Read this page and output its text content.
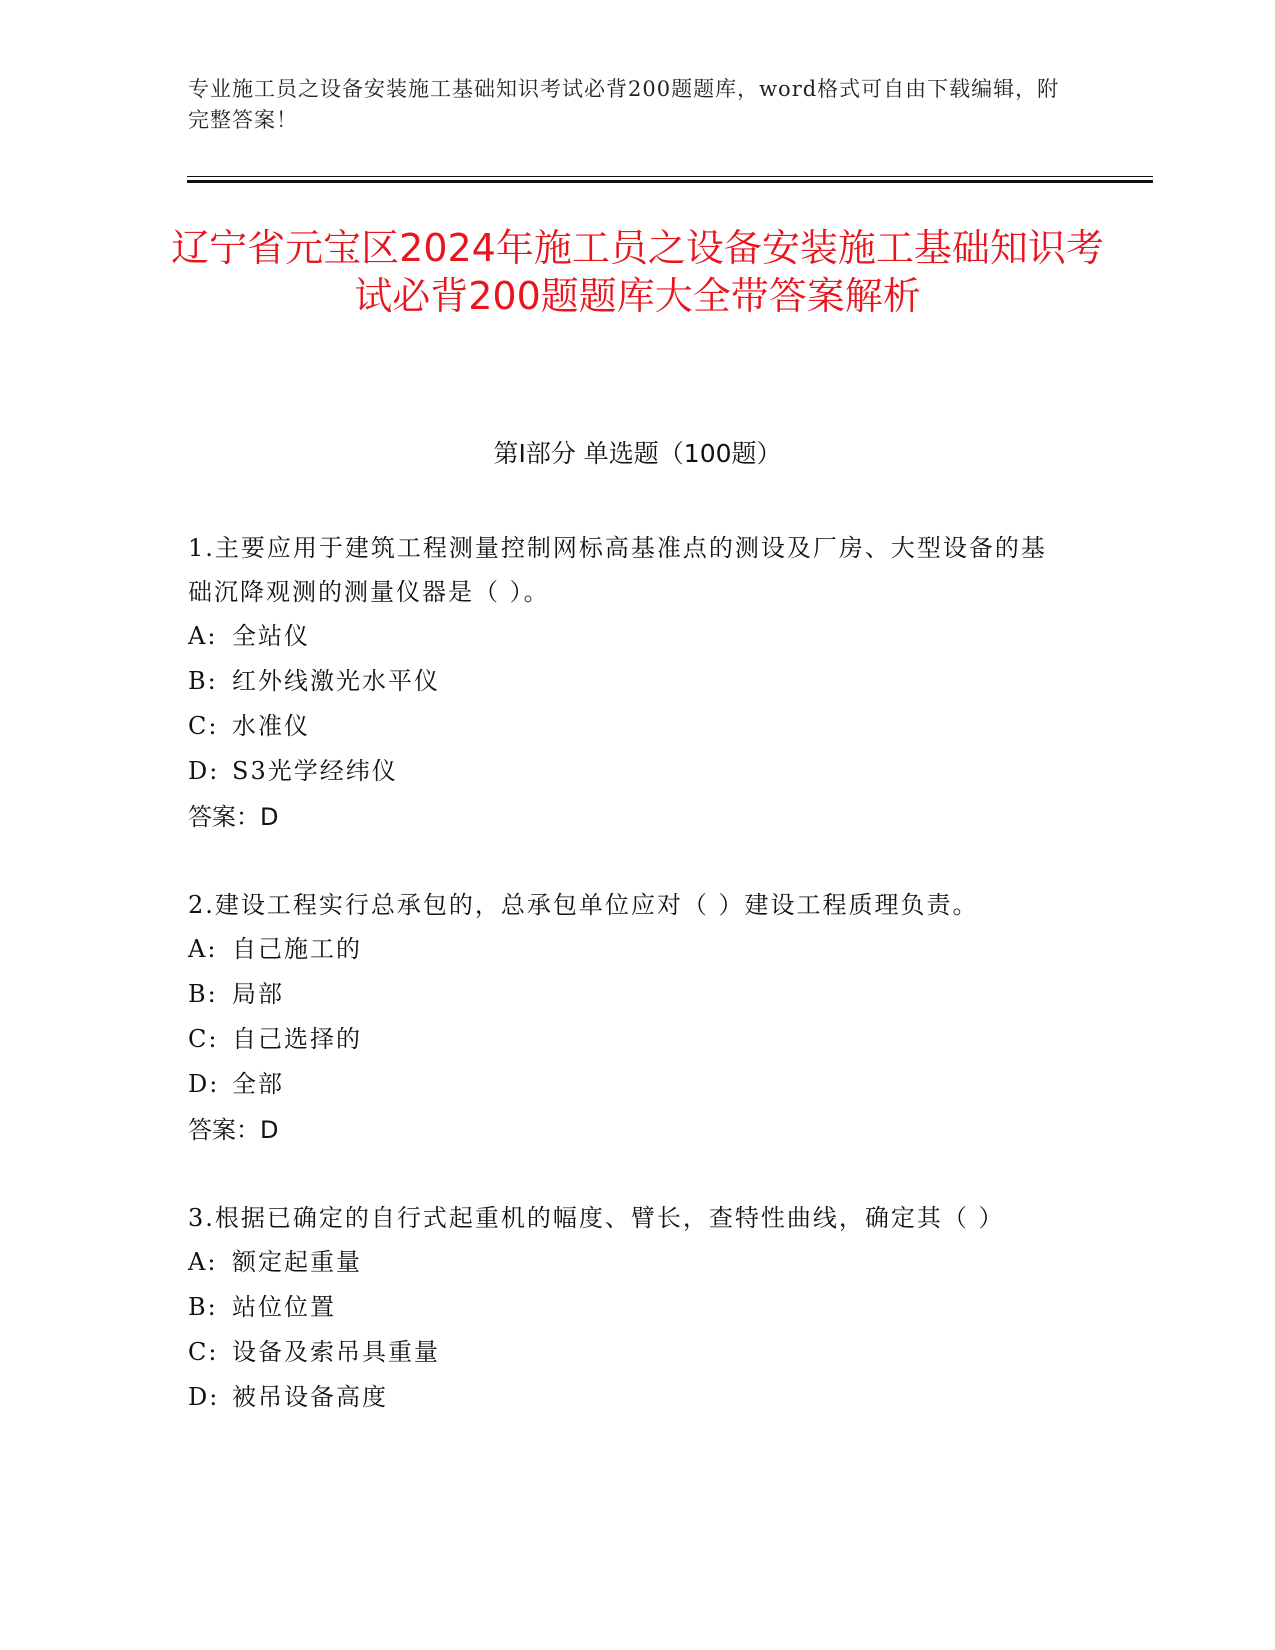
专业施工员之设备安装施工基础知识考试必背200题题库，word格式可自由下载编辑，附完整答案！
辽宁省元宝区2024年施工员之设备安装施工基础知识考试必背200题题库大全带答案解析
第Ⅰ部分 单选题（100题）

1.主要应用于建筑工程测量控制网标高基准点的测设及厂房、大型设备的基础沉降观测的测量仪器是（ ）。

A: 全站仪

B: 红外线激光水平仪

C: 水准仪

D: S3光学经纬仪

答案：D

2.建设工程实行总承包的，总承包单位应对（ ）建设工程质理负责。

A: 自己施工的

B: 局部

C: 自己选择的

D: 全部

答案：D

3.根据已确定的自行式起重机的幅度、臂长，查特性曲线，确定其（ ）

A: 额定起重量

B: 站位位置

C: 设备及索吊具重量

D: 被吊设备高度
